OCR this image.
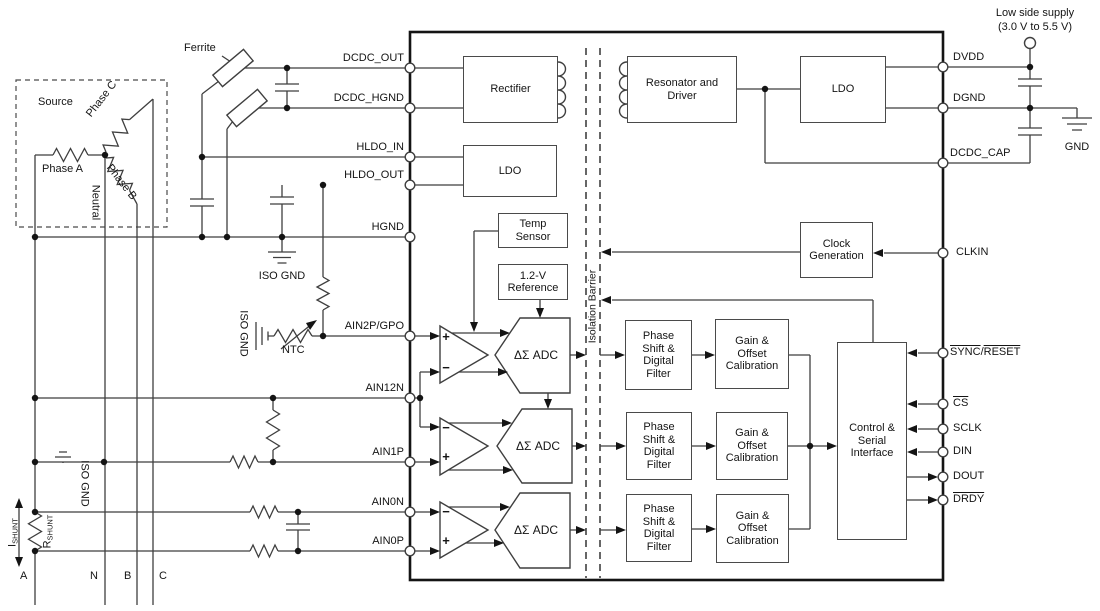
Rectifier
LDO
Resonator and
Driver
LDO
Temp
Sensor
1.2-V
Reference
Clock
Generation
Phase
Shift &
Digital
Filter
Phase
Shift &
Digital
Filter
Phase
Shift &
Digital
Filter
Gain &
Offset
Calibration
Gain &
Offset
Calibration
Gain &
Offset
Calibration
Control &
Serial
Interface
ΔΣ ADC
ΔΣ ADC
ΔΣ ADC
+
−
−
+
−
+
DCDC_OUT
DCDC_HGND
HLDO_IN
HLDO_OUT
HGND
AIN2P/GPO
AIN12N
AIN1P
AIN0N
AIN0P
DVDD
DGND
DCDC_CAP
CLKIN
SYNC/RESET
$\overline{CS}$
SCLK
DIN
DOUT
DRDY
Low side supply
(3.0 V to 5.5 V)
GND
Source
Phase A
Phase C
Phase B
Neutral
Ferrite
ISO GND
ISO GND
ISO GND
NTC
$I_{SHUNT}$
$R_{SHUNT}$
Isolation Barrier
A	N B	C
